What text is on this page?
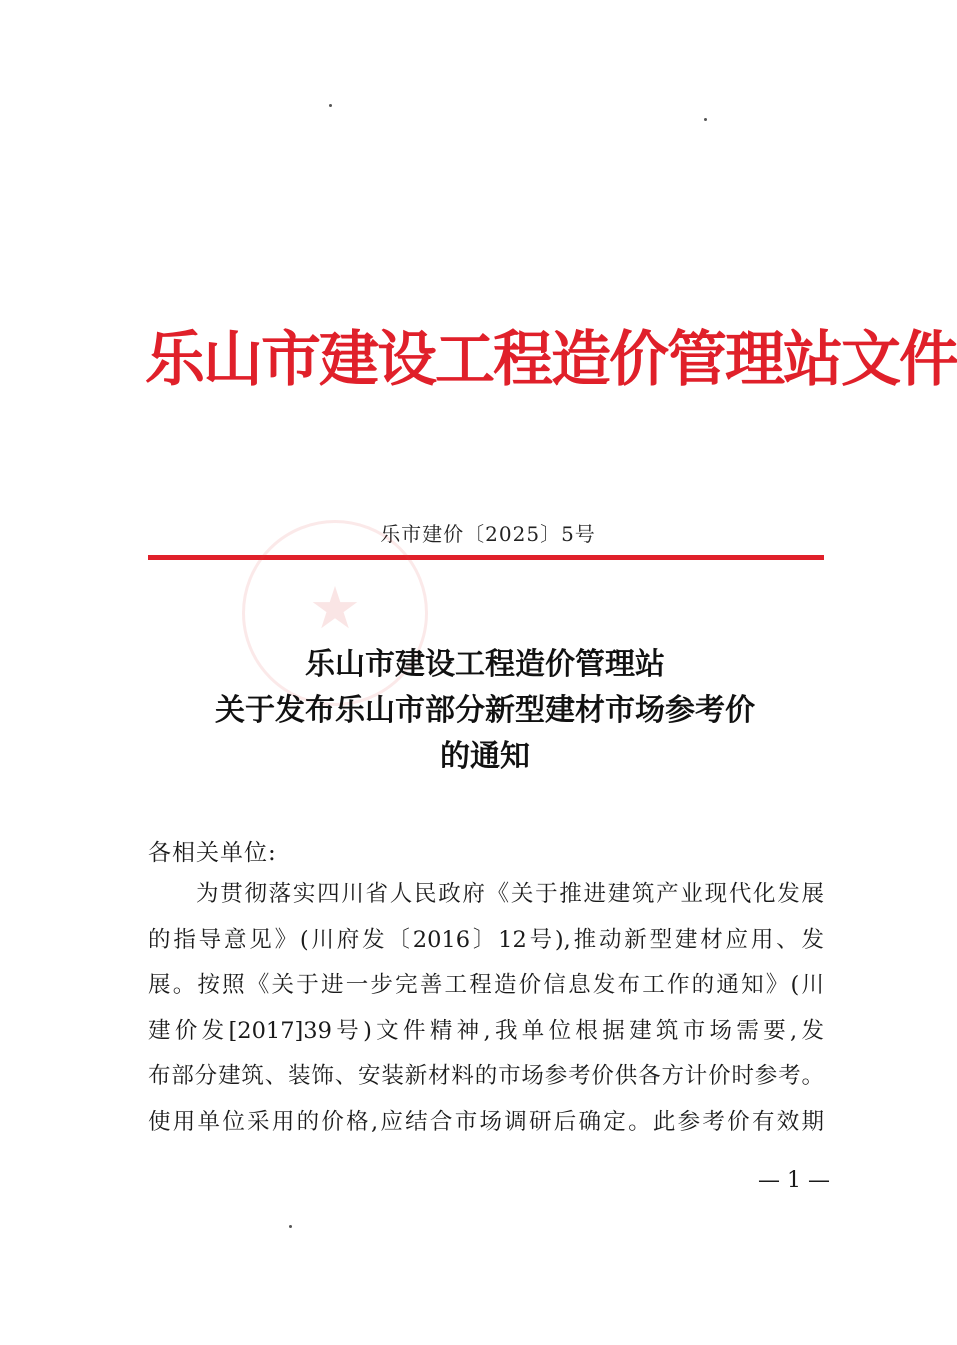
乐山市建设工程造价管理站文件
乐市建价〔2025〕5号
★
乐山市建设工程造价管理站
关于发布乐山市部分新型建材市场参考价
的通知
各相关单位:
为贯彻落实四川省人民政府《关于推进建筑产业现代化发展
的指导意见》(川府发〔2016〕12号),推动新型建材应用、发
展。按照《关于进一步完善工程造价信息发布工作的通知》(川
建价发[2017]39号)文件精神,我单位根据建筑市场需要,发
布部分建筑、装饰、安装新材料的市场参考价供各方计价时参考。
使用单位采用的价格,应结合市场调研后确定。此参考价有效期
— 1 —
